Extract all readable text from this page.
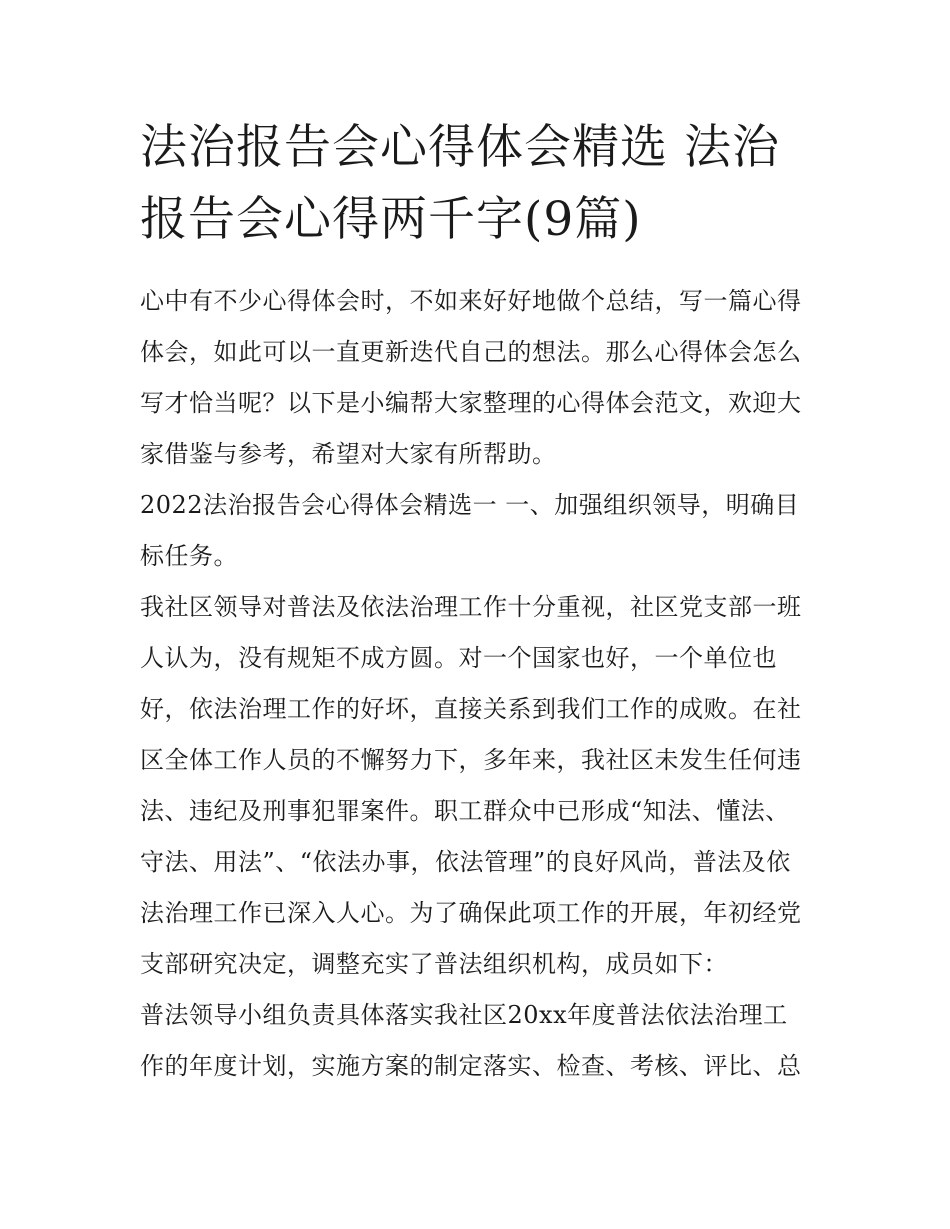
法治报告会心得体会精选 法治报告会心得两千字(9篇)

心中有不少心得体会时，不如来好好地做个总结，写一篇心得体会，如此可以一直更新迭代自己的想法。那么心得体会怎么写才恰当呢？以下是小编帮大家整理的心得体会范文，欢迎大家借鉴与参考，希望对大家有所帮助。

2022法治报告会心得体会精选一 一、加强组织领导，明确目标任务。

我社区领导对普法及依法治理工作十分重视，社区党支部一班人认为，没有规矩不成方圆。对一个国家也好，一个单位也好，依法治理工作的好坏，直接关系到我们工作的成败。在社区全体工作人员的不懈努力下，多年来，我社区未发生任何违法、违纪及刑事犯罪案件。职工群众中已形成“知法、懂法、守法、用法”、“依法办事，依法管理”的良好风尚，普法及依法治理工作已深入人心。为了确保此项工作的开展，年初经党支部研究决定，调整充实了普法组织机构，成员如下：

普法领导小组负责具体落实我社区20xx年度普法依法治理工作的年度计划，实施方案的制定落实、检查、考核、评比、总
